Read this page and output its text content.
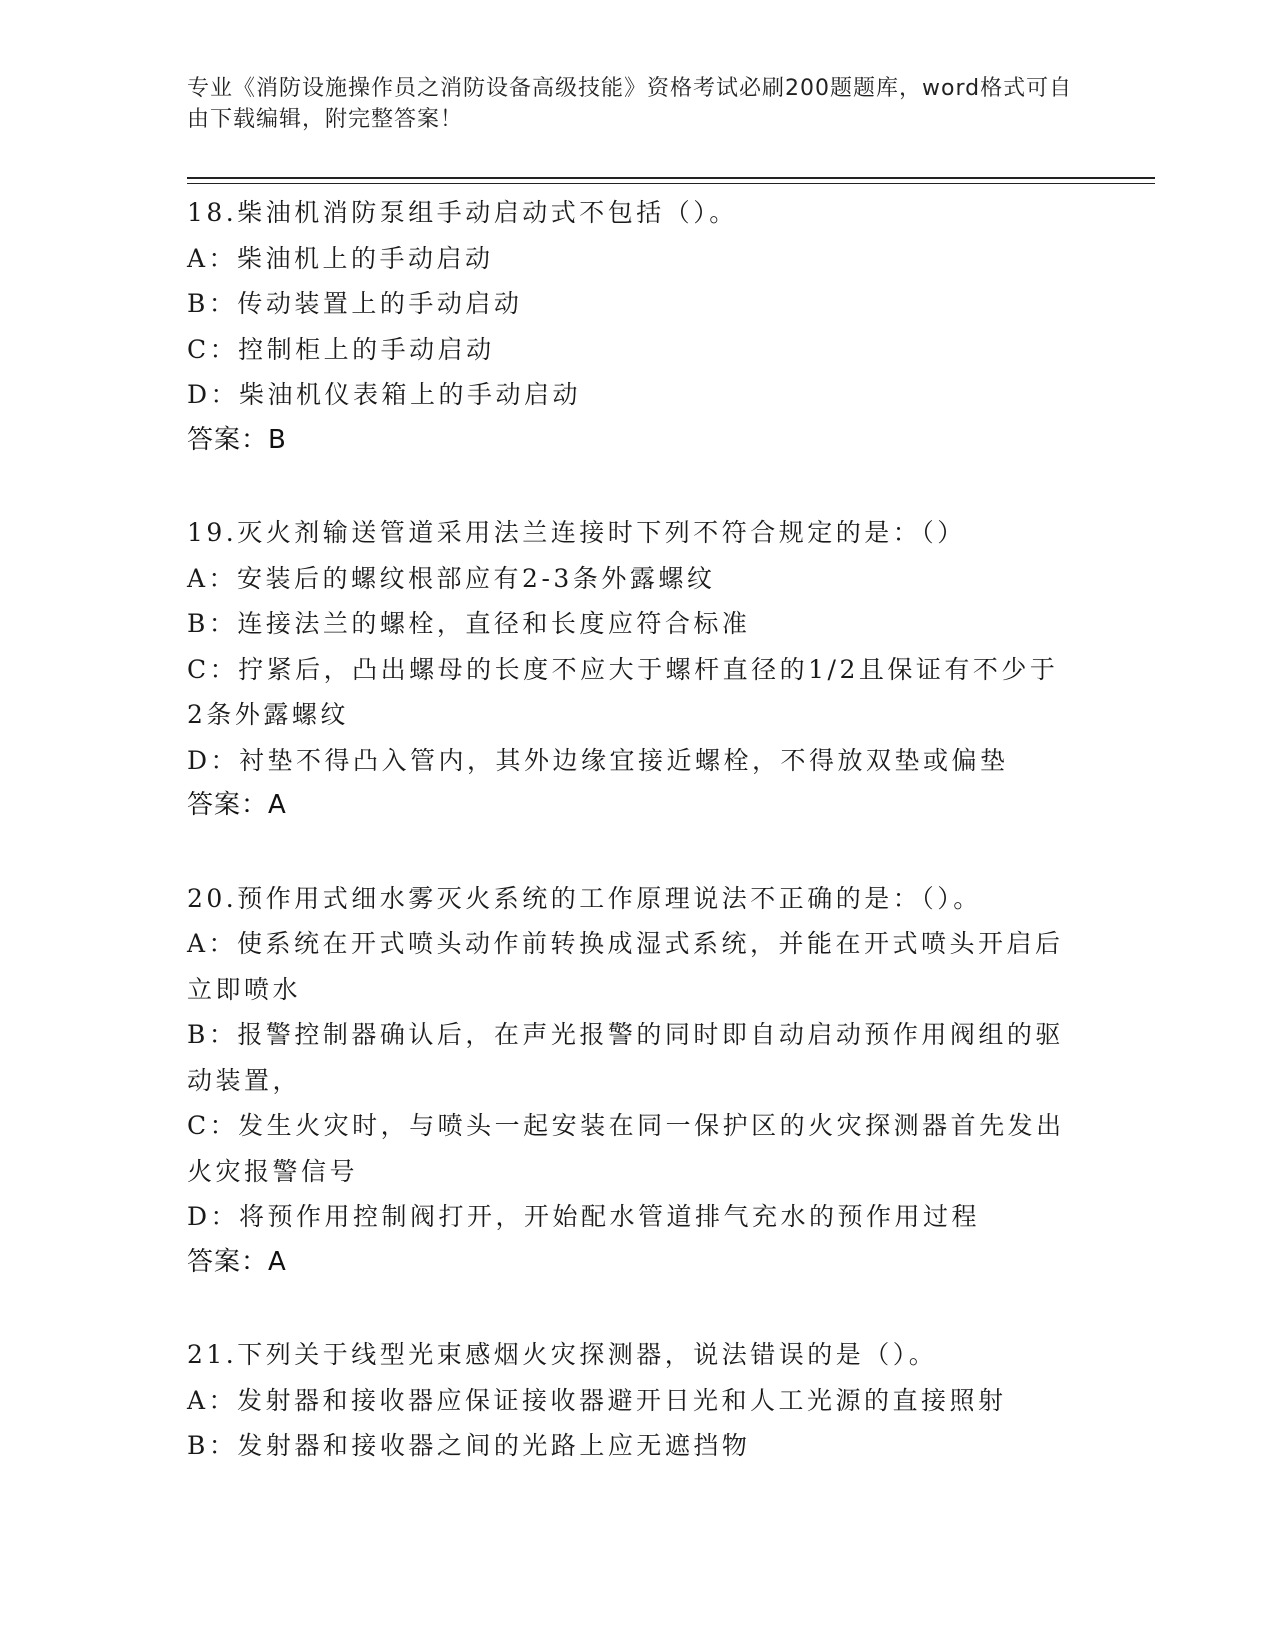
专业《消防设施操作员之消防设备高级技能》资格考试必刷200题题库，word格式可自由下载编辑，附完整答案！
18.柴油机消防泵组手动启动式不包括（）。
A：柴油机上的手动启动
B：传动装置上的手动启动
C：控制柜上的手动启动
D：柴油机仪表箱上的手动启动
答案：B
19.灭火剂输送管道采用法兰连接时下列不符合规定的是：（）
A：安装后的螺纹根部应有2-3条外露螺纹
B：连接法兰的螺栓，直径和长度应符合标准
C：拧紧后，凸出螺母的长度不应大于螺杆直径的1/2且保证有不少于
2条外露螺纹
D：衬垫不得凸入管内，其外边缘宜接近螺栓，不得放双垫或偏垫
答案：A
20.预作用式细水雾灭火系统的工作原理说法不正确的是：（）。
A：使系统在开式喷头动作前转换成湿式系统，并能在开式喷头开启后
立即喷水
B：报警控制器确认后，在声光报警的同时即自动启动预作用阀组的驱
动装置，
C：发生火灾时，与喷头一起安装在同一保护区的火灾探测器首先发出
火灾报警信号
D：将预作用控制阀打开，开始配水管道排气充水的预作用过程
答案：A
21.下列关于线型光束感烟火灾探测器，说法错误的是（）。
A：发射器和接收器应保证接收器避开日光和人工光源的直接照射
B：发射器和接收器之间的光路上应无遮挡物
